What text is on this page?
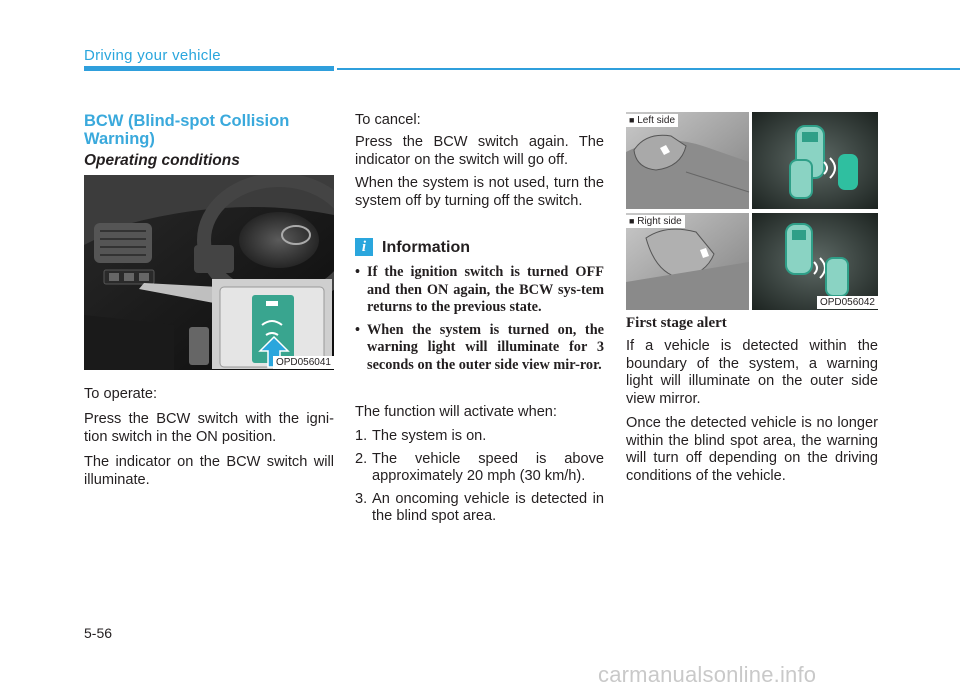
Driving your vehicle
BCW (Blind-spot Collision Warning)
Operating conditions
OPD056041

To operate:

Press the BCW switch with the igni-tion switch in the ON position.

The indicator on the BCW switch will illuminate.

To cancel:

Press the BCW switch again. The indicator on the switch will go off.

When the system is not used, turn the system off by turning off the switch.

i Information
• If the ignition switch is turned OFF and then ON again, the BCW sys-tem returns to the previous state.
• When the system is turned on, the warning light will illuminate for 3 seconds on the outer side view mir-ror.

The function will activate when:

1. The system is on.
2. The vehicle speed is above approximately 20 mph (30 km/h).
3. An oncoming vehicle is detected in the blind spot area.
■ Left side
■ Right side
OPD056042
First stage alert

If a vehicle is detected within the boundary of the system, a warning light will illuminate on the outer side view mirror.

Once the detected vehicle is no longer within the blind spot area, the warning will turn off depending on the driving conditions of the vehicle.

5-56
carmanualsonline.info
